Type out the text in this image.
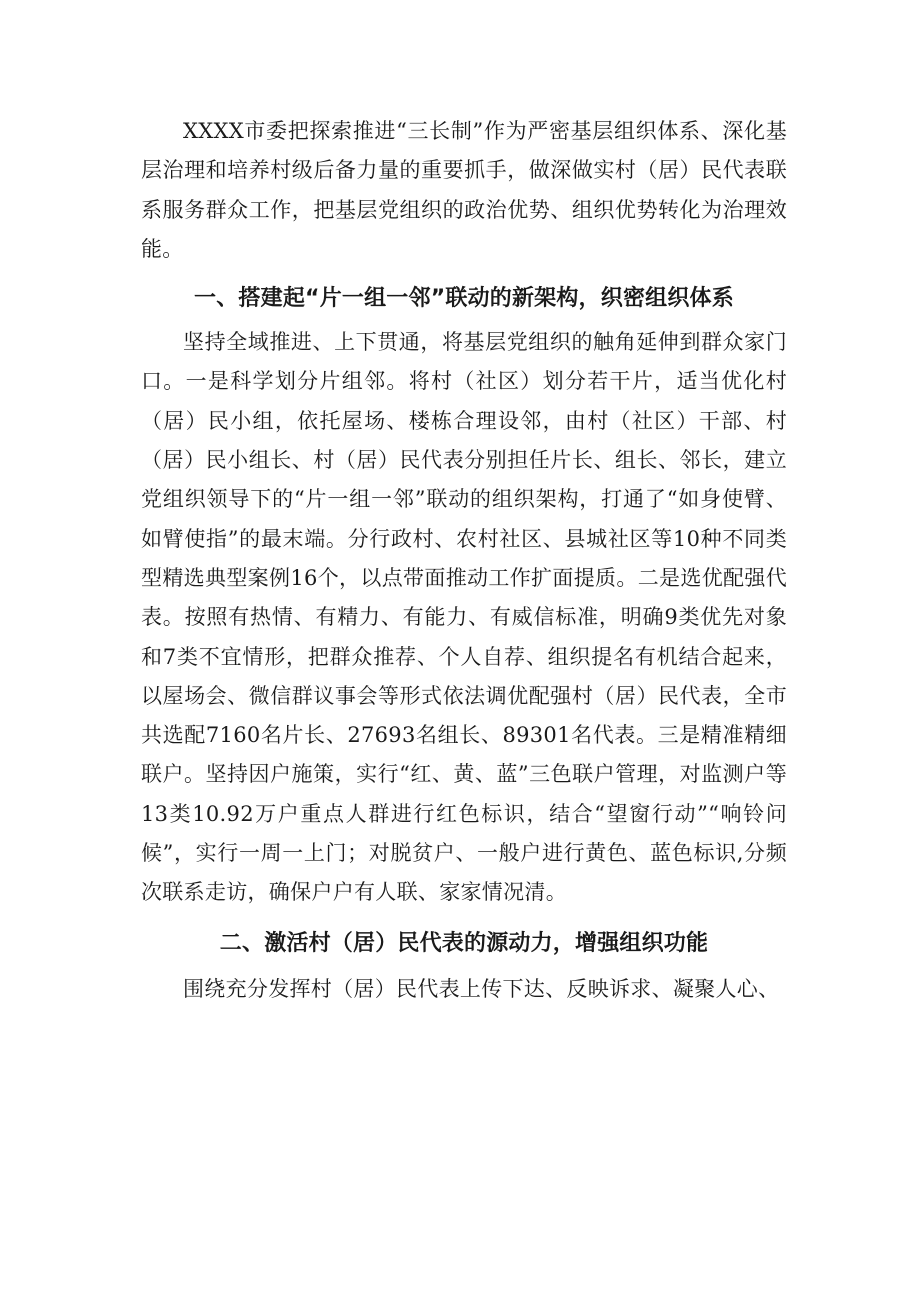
XXXX市委把探索推进“三长制”作为严密基层组织体系、深化基层治理和培养村级后备力量的重要抓手，做深做实村（居）民代表联系服务群众工作，把基层党组织的政治优势、组织优势转化为治理效能。

一、搭建起“片一组一邻”联动的新架构，织密组织体系

坚持全域推进、上下贯通，将基层党组织的触角延伸到群众家门口。一是科学划分片组邻。将村（社区）划分若干片，适当优化村（居）民小组，依托屋场、楼栋合理设邻，由村（社区）干部、村（居）民小组长、村（居）民代表分别担任片长、组长、邻长，建立党组织领导下的“片一组一邻”联动的组织架构，打通了“如身使臂、如臂使指”的最末端。分行政村、农村社区、县城社区等10种不同类型精选典型案例16个，以点带面推动工作扩面提质。二是选优配强代表。按照有热情、有精力、有能力、有威信标准，明确9类优先对象和7类不宜情形，把群众推荐、个人自荐、组织提名有机结合起来，以屋场会、微信群议事会等形式依法调优配强村（居）民代表，全市共选配7160名片长、27693名组长、89301名代表。三是精准精细联户。坚持因户施策，实行“红、黄、蓝”三色联户管理，对监测户等13类10.92万户重点人群进行红色标识，结合“望窗行动”“响铃问候”，实行一周一上门；对脱贫户、一般户进行黄色、蓝色标识,分频次联系走访，确保户户有人联、家家情况清。

二、激活村（居）民代表的源动力，增强组织功能

围绕充分发挥村（居）民代表上传下达、反映诉求、凝聚人心、
